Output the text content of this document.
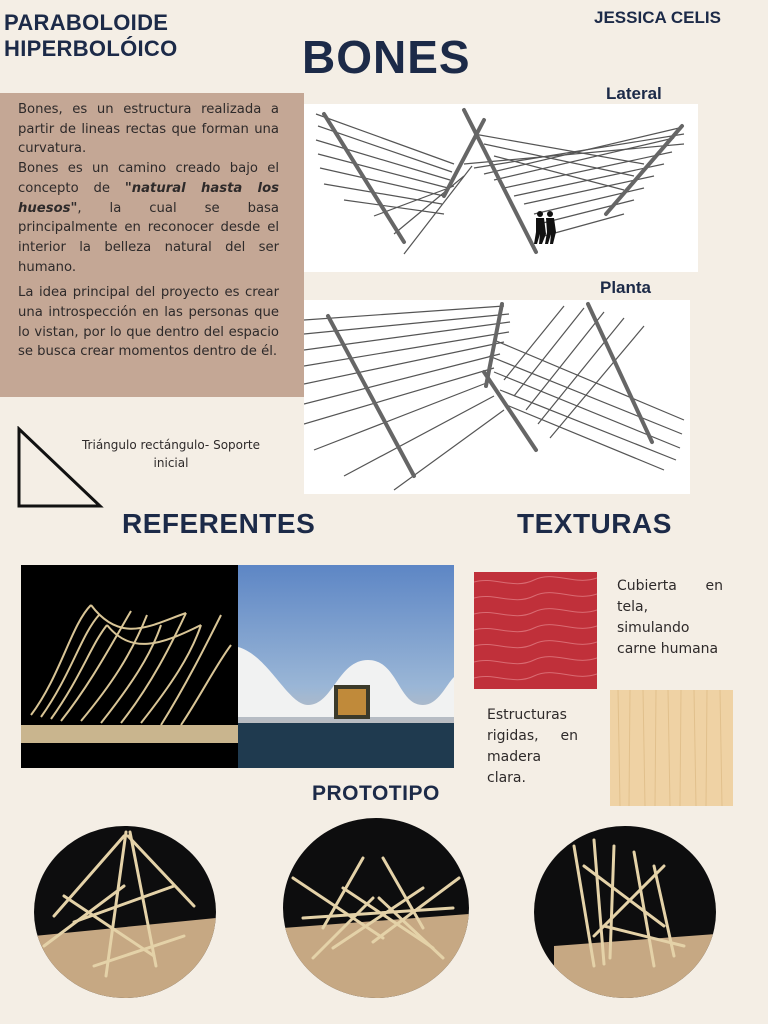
PARABOLOIDE
HIPERBOLÓICO
JESSICA CELIS
BONES

Bones, es un estructura realizada a partir de lineas rectas que forman una curvatura.

Bones es un camino creado bajo el concepto de "natural hasta los huesos", la cual se basa principalmente en reconocer desde el interior la belleza natural del ser humano.

La idea principal del proyecto es crear una introspección en las personas que lo vistan, por lo que dentro del espacio se busca crear momentos dentro de él.

Triángulo rectángulo- Soporte inicial
Lateral
Planta
REFERENTES	TEXTURAS
Cubierta en tela, simulando carne humana
Estructuras rigidas, en madera clara.
PROTOTIPO
